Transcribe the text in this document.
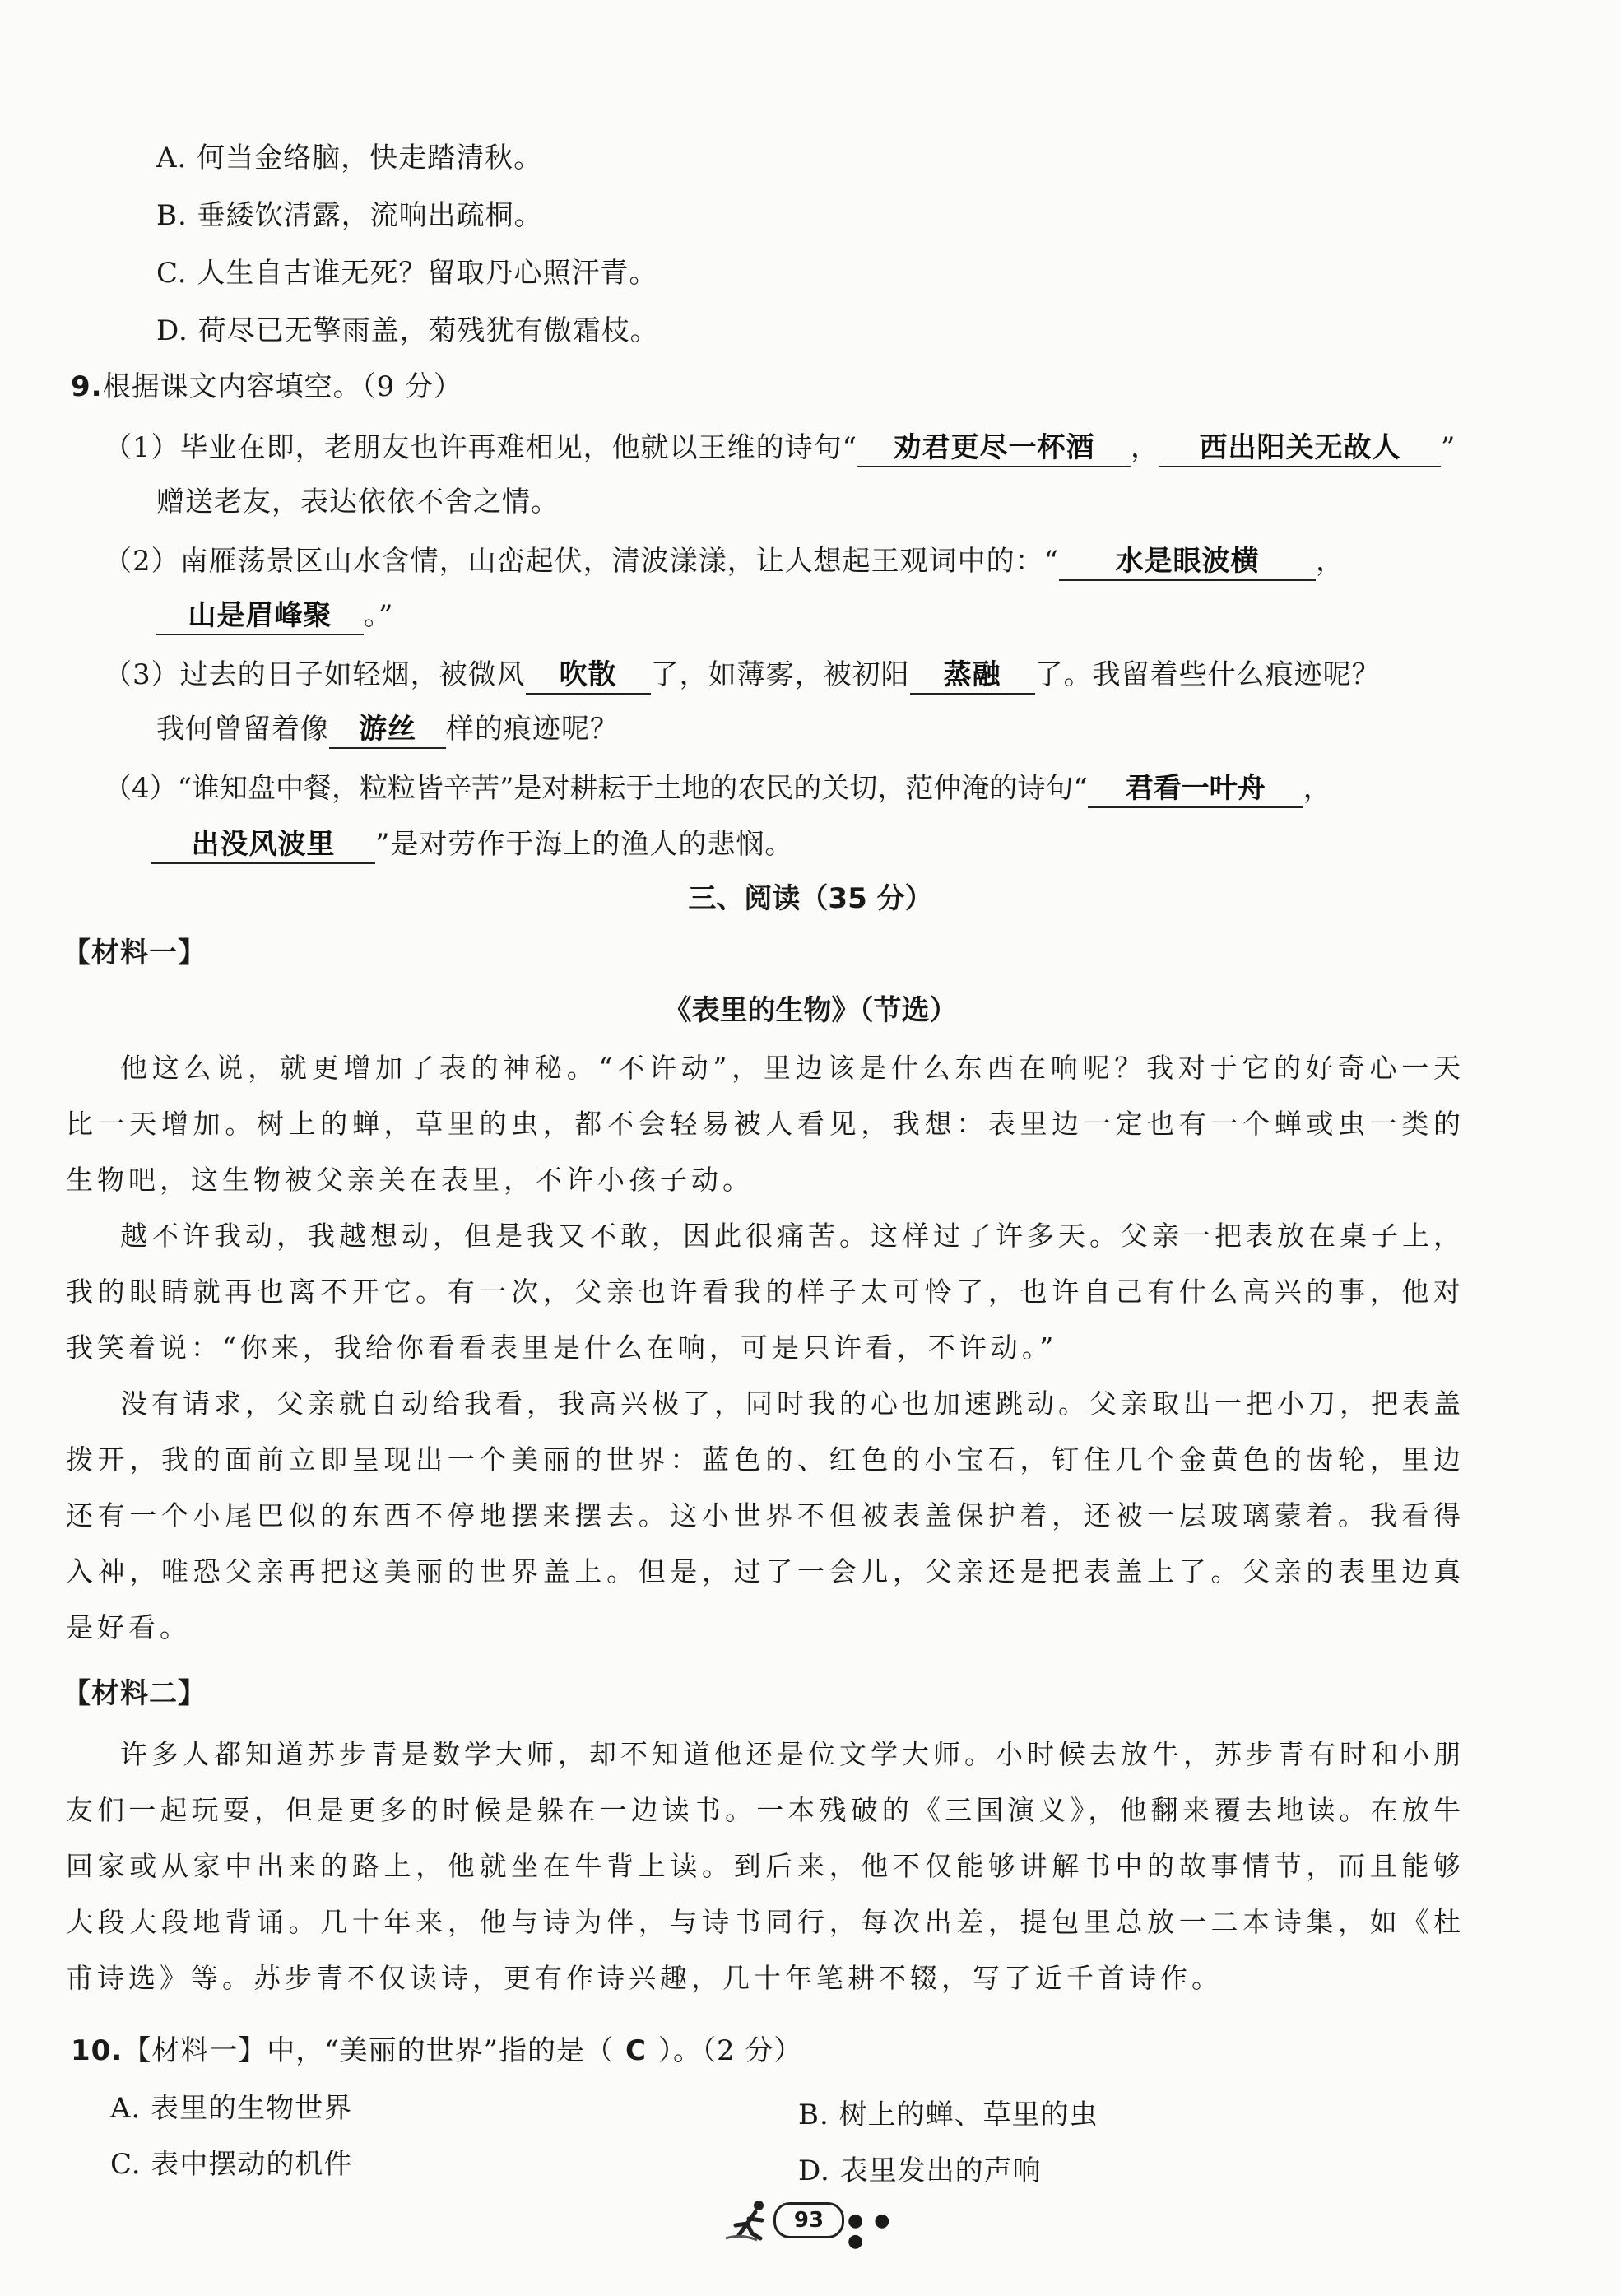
A. 何当金络脑，快走踏清秋。
B. 垂緌饮清露，流响出疏桐。
C. 人生自古谁无死？留取丹心照汗青。
D. 荷尽已无擎雨盖，菊残犹有傲霜枝。
9.根据课文内容填空。（9 分）
（1）毕业在即，老朋友也许再难相见，他就以王维的诗句“ 劝君更尽一杯酒 ， 西出阳关无故人 ”
赠送老友，表达依依不舍之情。
（2）南雁荡景区山水含情，山峦起伏，清波漾漾，让人想起王观词中的：“ 水是眼波横 ，
山是眉峰聚 。”
（3）过去的日子如轻烟，被微风 吹散 了，如薄雾，被初阳 蒸融 了。我留着些什么痕迹呢？
我何曾留着像 游丝 样的痕迹呢？
（4）“谁知盘中餐，粒粒皆辛苦”是对耕耘于土地的农民的关切，范仲淹的诗句“ 君看一叶舟 ，
出没风波里 ”是对劳作于海上的渔人的悲悯。
三、阅读（35 分）
【材料一】
《表里的生物》（节选）

他这么说，就更增加了表的神秘。“不许动”，里边该是什么东西在响呢？我对于它的好奇心一天比一天增加。树上的蝉，草里的虫，都不会轻易被人看见，我想：表里边一定也有一个蝉或虫一类的生物吧，这生物被父亲关在表里，不许小孩子动。

越不许我动，我越想动，但是我又不敢，因此很痛苦。这样过了许多天。父亲一把表放在桌子上，我的眼睛就再也离不开它。有一次，父亲也许看我的样子太可怜了，也许自己有什么高兴的事，他对我笑着说：“你来，我给你看看表里是什么在响，可是只许看，不许动。”

没有请求，父亲就自动给我看，我高兴极了，同时我的心也加速跳动。父亲取出一把小刀，把表盖拨开，我的面前立即呈现出一个美丽的世界：蓝色的、红色的小宝石，钉住几个金黄色的齿轮，里边还有一个小尾巴似的东西不停地摆来摆去。这小世界不但被表盖保护着，还被一层玻璃蒙着。我看得入神，唯恐父亲再把这美丽的世界盖上。但是，过了一会儿，父亲还是把表盖上了。父亲的表里边真是好看。

【材料二】

许多人都知道苏步青是数学大师，却不知道他还是位文学大师。小时候去放牛，苏步青有时和小朋友们一起玩耍，但是更多的时候是躲在一边读书。一本残破的《三国演义》，他翻来覆去地读。在放牛回家或从家中出来的路上，他就坐在牛背上读。到后来，他不仅能够讲解书中的故事情节，而且能够大段大段地背诵。几十年来，他与诗为伴，与诗书同行，每次出差，提包里总放一二本诗集，如《杜甫诗选》等。苏步青不仅读诗，更有作诗兴趣，几十年笔耕不辍，写了近千首诗作。

10.【材料一】中，“美丽的世界”指的是（ C ）。（2 分）
A. 表里的生物世界	B. 树上的蝉、草里的虫
C. 表中摆动的机件	D. 表里发出的声响
93	● ● ●
